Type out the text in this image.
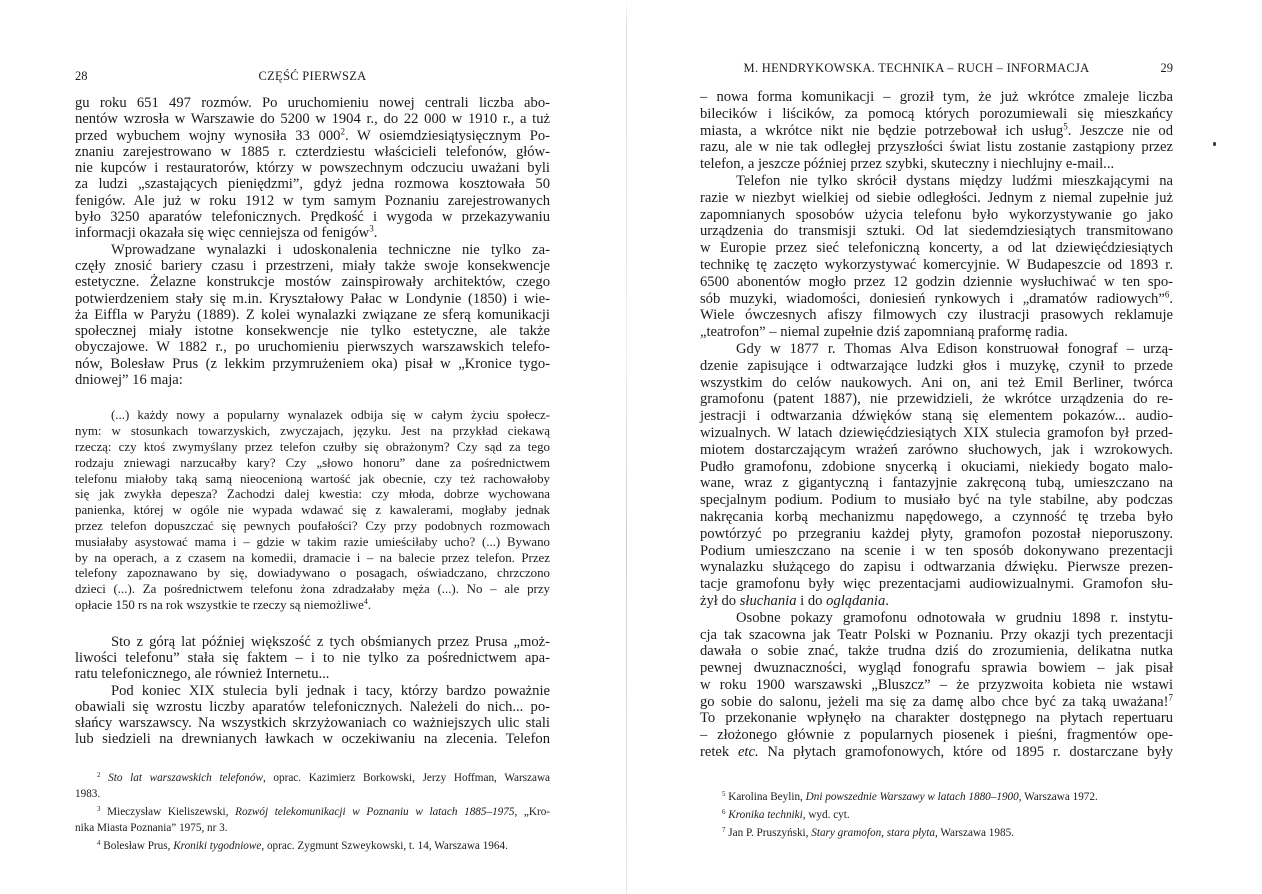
28	CZĘŚĆ PIERWSZA
gu roku 651 497 rozmów. Po uruchomieniu nowej centrali liczba abo-
nentów wzrosła w Warszawie do 5200 w 1904 r., do 22 000 w 1910 r., a tuż
przed wybuchem wojny wynosiła 33 $000^2$. W osiemdziesiątysięcznym Po-
znaniu zarejestrowano w 1885 r. czterdziestu właścicieli telefonów, głów-
nie kupców i restauratorów, którzy w powszechnym odczuciu uważani byli
za ludzi „szastających pieniędzmi”, gdyż jedna rozmowa kosztowała 50
fenigów. Ale już w roku 1912 w tym samym Poznaniu zarejestrowanych
było 3250 aparatów telefonicznych. Prędkość i wygoda w przekazywaniu
informacji okazała się więc cenniejsza od fenigów$^3$.
Wprowadzane wynalazki i udoskonalenia techniczne nie tylko za-
częły znosić bariery czasu i przestrzeni, miały także swoje konsekwencje
estetyczne. Żelazne konstrukcje mostów zainspirowały architektów, czego
potwierdzeniem stały się m.in. Kryształowy Pałac w Londynie (1850) i wie-
ża Eiffla w Paryżu (1889). Z kolei wynalazki związane ze sferą komunikacji
społecznej miały istotne konsekwencje nie tylko estetyczne, ale także
obyczajowe. W 1882 r., po uruchomieniu pierwszych warszawskich telefo-
nów, Bolesław Prus (z lekkim przymrużeniem oka) pisał w „Kronice tygo-
dniowej” 16 maja:
(...) każdy nowy a popularny wynalazek odbija się w całym życiu społecz-
nym: w stosunkach towarzyskich, zwyczajach, języku. Jest na przykład ciekawą
rzeczą: czy ktoś zwymyślany przez telefon czułby się obrażonym? Czy sąd za tego
rodzaju zniewagi narzucałby kary? Czy „słowo honoru” dane za pośrednictwem
telefonu miałoby taką samą nieocenioną wartość jak obecnie, czy też rachowałoby
się jak zwykła depesza? Zachodzi dalej kwestia: czy młoda, dobrze wychowana
panienka, której w ogóle nie wypada wdawać się z kawalerami, mogłaby jednak
przez telefon dopuszczać się pewnych poufałości? Czy przy podobnych rozmowach
musiałaby asystować mama i – gdzie w takim razie umieściłaby ucho? (...) Bywano
by na operach, a z czasem na komedii, dramacie i – na balecie przez telefon. Przez
telefony zapoznawano by się, dowiadywano o posagach, oświadczano, chrzczono
dzieci (...). Za pośrednictwem telefonu żona zdradzałaby męża (...). No – ale przy
opłacie 150 rs na rok wszystkie te rzeczy są niemożliwe$^4$.
Sto z górą lat później większość z tych obśmianych przez Prusa „moż-
liwości telefonu” stała się faktem – i to nie tylko za pośrednictwem apa-
ratu telefonicznego, ale również Internetu...
Pod koniec XIX stulecia byli jednak i tacy, którzy bardzo poważnie
obawiali się wzrostu liczby aparatów telefonicznych. Należeli do nich... po-
słańcy warszawscy. Na wszystkich skrzyżowaniach co ważniejszych ulic stali
lub siedzieli na drewnianych ławkach w oczekiwaniu na zlecenia. Telefon
$^2$ Sto lat warszawskich telefonów, oprac. Kazimierz Borkowski, Jerzy Hoffman, Warszawa
1983.
$^3$ Mieczysław Kieliszewski, Rozwój telekomunikacji w Poznaniu w latach 1885–1975, „Kro-
nika Miasta Poznania” 1975, nr 3.
$^4$ Bolesław Prus, Kroniki tygodniowe, oprac. Zygmunt Szweykowski, t. 14, Warszawa 1964.
M. HENDRYKOWSKA. TECHNIKA – RUCH – INFORMACJA	29
– nowa forma komunikacji – groził tym, że już wkrótce zmaleje liczba
bilecików i liścików, za pomocą których porozumiewali się mieszkańcy
miasta, a wkrótce nikt nie będzie potrzebował ich usług$^5$. Jeszcze nie od
razu, ale w nie tak odległej przyszłości świat listu zostanie zastąpiony przez
telefon, a jeszcze później przez szybki, skuteczny i niechlujny e-mail...
Telefon nie tylko skrócił dystans między ludźmi mieszkającymi na
razie w niezbyt wielkiej od siebie odległości. Jednym z niemal zupełnie już
zapomnianych sposobów użycia telefonu było wykorzystywanie go jako
urządzenia do transmisji sztuki. Od lat siedemdziesiątych transmitowano
w Europie przez sieć telefoniczną koncerty, a od lat dziewięćdziesiątych
technikę tę zaczęto wykorzystywać komercyjnie. W Budapeszcie od 1893 r.
6500 abonentów mogło przez 12 godzin dziennie wysłuchiwać w ten spo-
sób muzyki, wiadomości, doniesień rynkowych i „dramatów radiowych”$^6$.
Wiele ówczesnych afiszy filmowych czy ilustracji prasowych reklamuje
„teatrofon” – niemal zupełnie dziś zapomnianą praformę radia.
Gdy w 1877 r. Thomas Alva Edison konstruował fonograf – urzą-
dzenie zapisujące i odtwarzające ludzki głos i muzykę, czynił to przede
wszystkim do celów naukowych. Ani on, ani też Emil Berliner, twórca
gramofonu (patent 1887), nie przewidzieli, że wkrótce urządzenia do re-
jestracji i odtwarzania dźwięków staną się elementem pokazów... audio-
wizualnych. W latach dziewięćdziesiątych XIX stulecia gramofon był przed-
miotem dostarczającym wrażeń zarówno słuchowych, jak i wzrokowych.
Pudło gramofonu, zdobione snycerką i okuciami, niekiedy bogato malo-
wane, wraz z gigantyczną i fantazyjnie zakręconą tubą, umieszczano na
specjalnym podium. Podium to musiało być na tyle stabilne, aby podczas
nakręcania korbą mechanizmu napędowego, a czynność tę trzeba było
powtórzyć po przegraniu każdej płyty, gramofon pozostał nieporuszony.
Podium umieszczano na scenie i w ten sposób dokonywano prezentacji
wynalazku służącego do zapisu i odtwarzania dźwięku. Pierwsze prezen-
tacje gramofonu były więc prezentacjami audiowizualnymi. Gramofon słu-
żył do słuchania i do oglądania.
Osobne pokazy gramofonu odnotowała w grudniu 1898 r. instytu-
cja tak szacowna jak Teatr Polski w Poznaniu. Przy okazji tych prezentacji
dawała o sobie znać, także trudna dziś do zrozumienia, delikatna nutka
pewnej dwuznaczności, wygląd fonografu sprawia bowiem – jak pisał
w roku 1900 warszawski „Bluszcz” – że przyzwoita kobieta nie wstawi
go sobie do salonu, jeżeli ma się za damę albo chce być za taką uważana!$^7$
To przekonanie wpłynęło na charakter dostępnego na płytach repertuaru
– złożonego głównie z popularnych piosenek i pieśni, fragmentów ope-
retek etc. Na płytach gramofonowych, które od 1895 r. dostarczane były
$^5$ Karolina Beylin, Dni powszednie Warszawy w latach 1880–1900, Warszawa 1972.
$^6$ Kronika techniki, wyd. cyt.
$^7$ Jan P. Pruszyński, Stary gramofon, stara płyta, Warszawa 1985.
